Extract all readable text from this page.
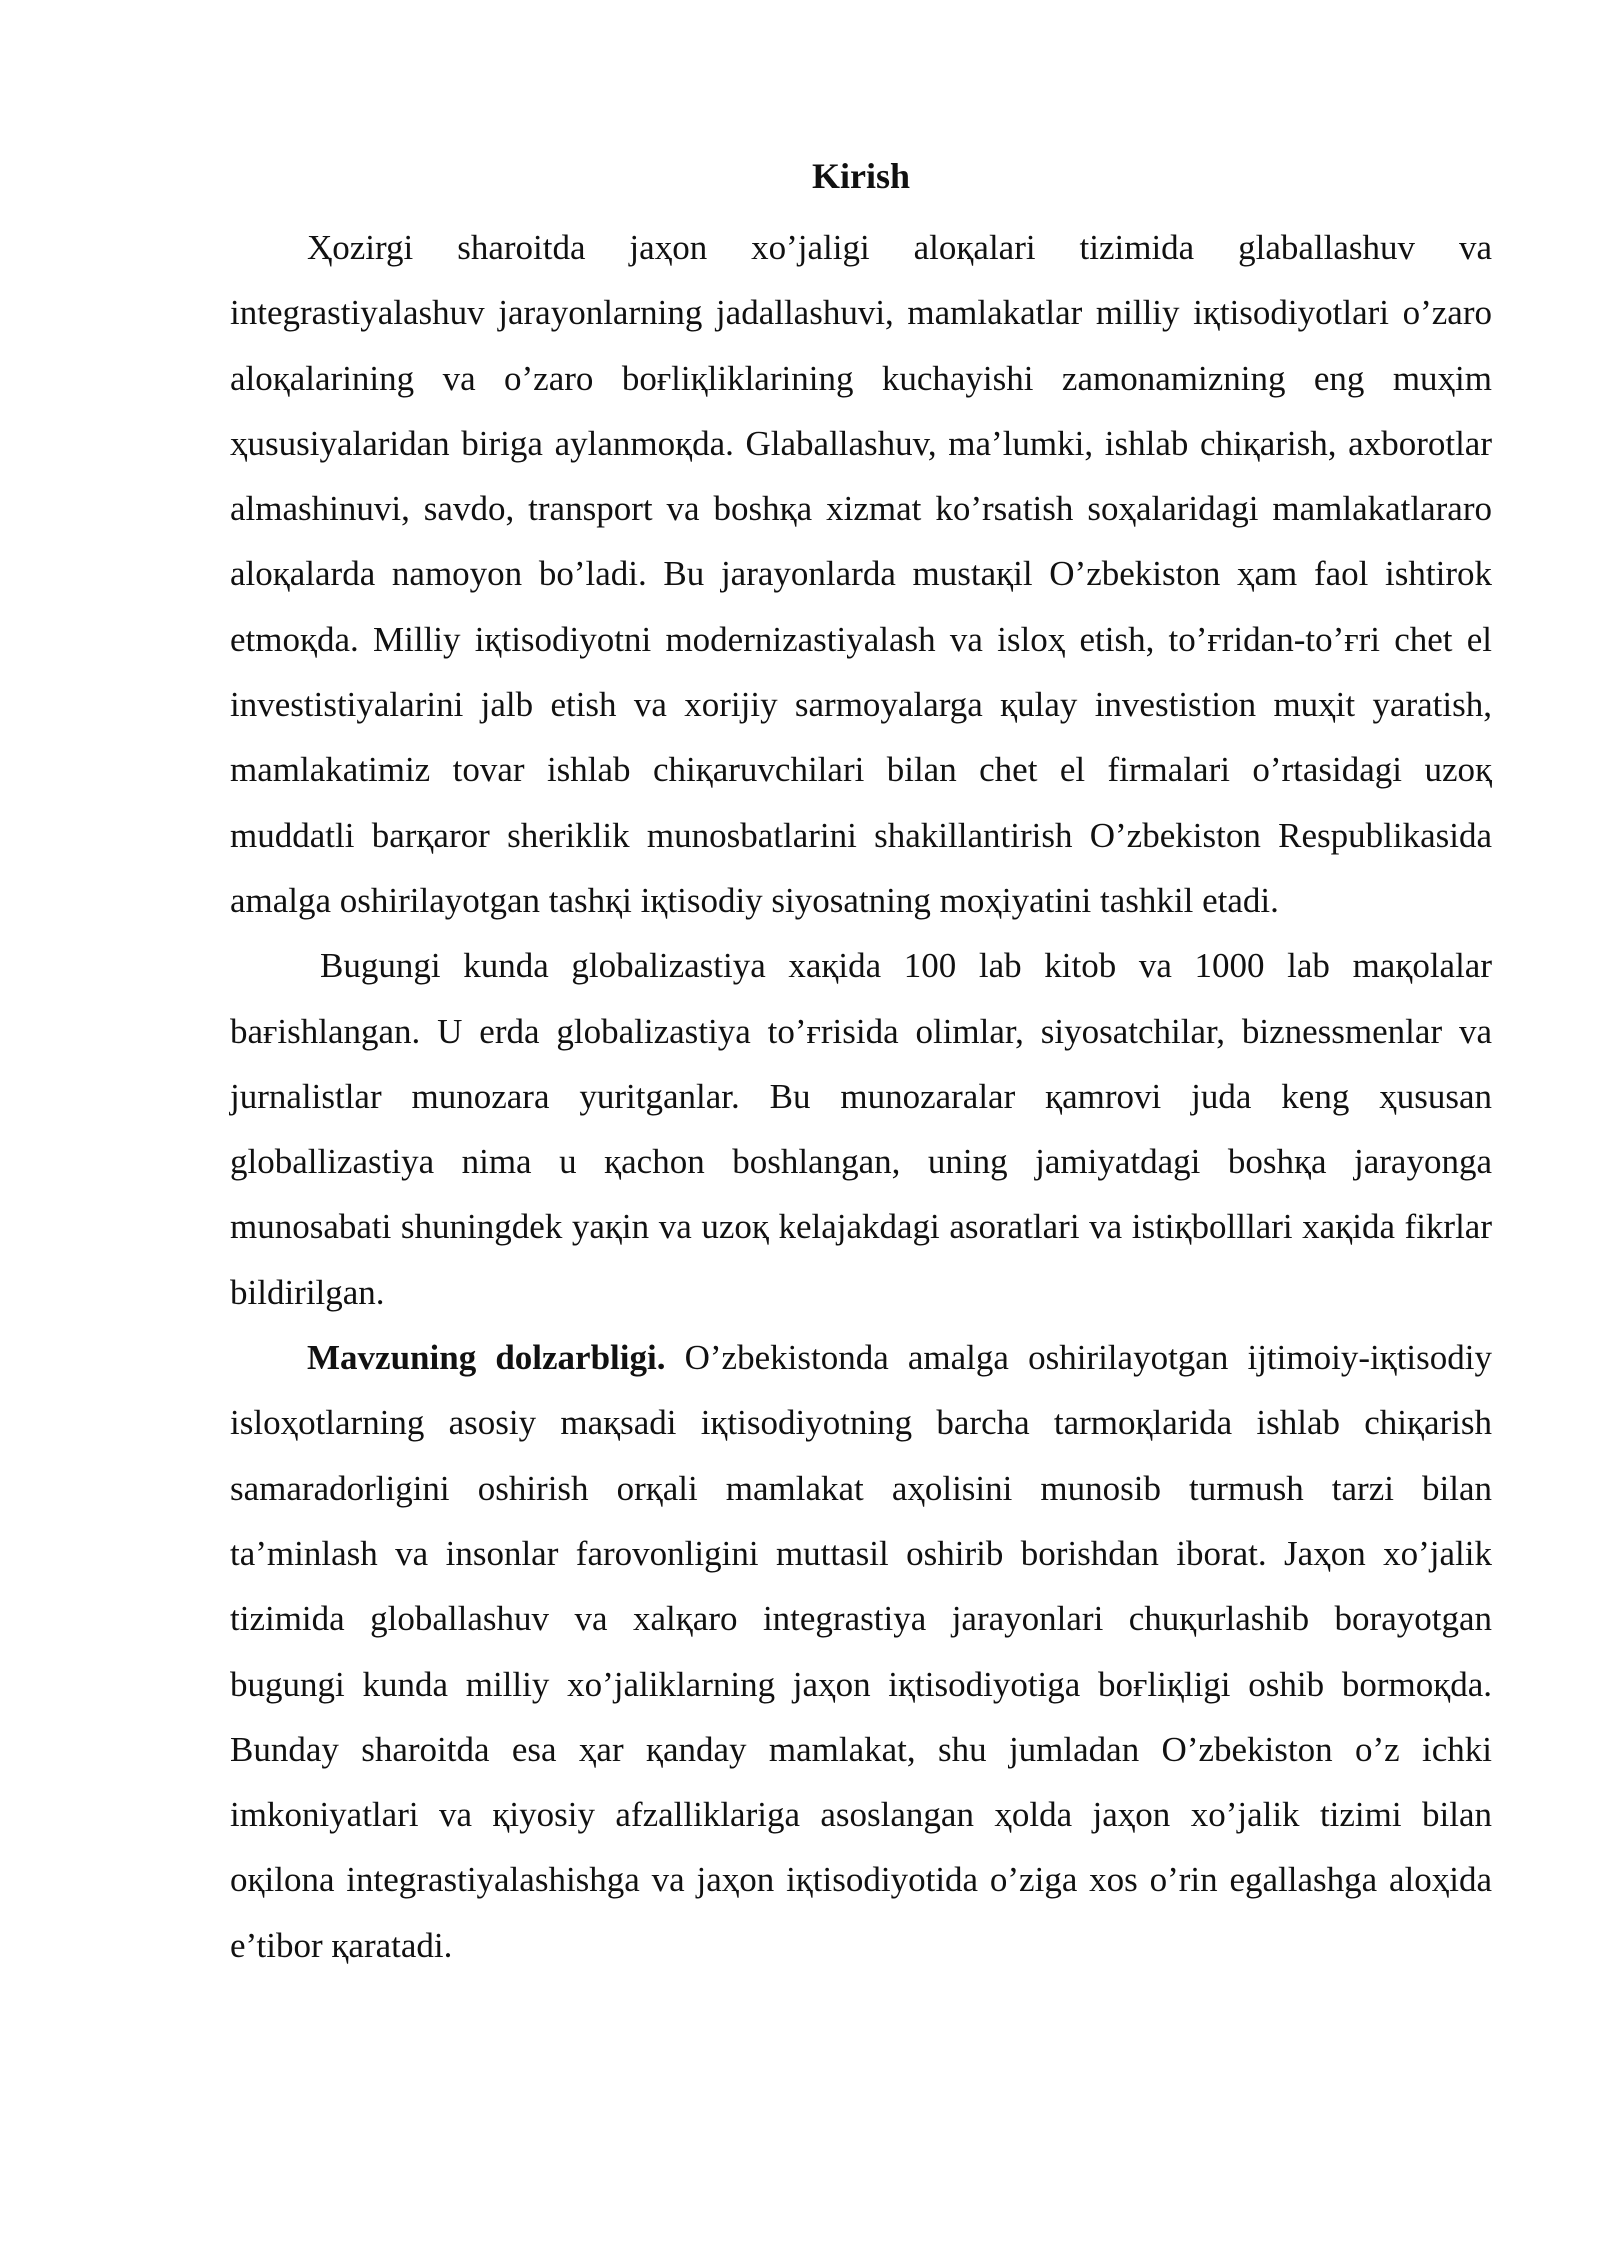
Kirish

Ҳozirgi sharoitda jaҳon xo’jaligi aloқalari tizimida glaballashuv va integrastiyalashuv jarayonlarning jadallashuvi, mamlakatlar milliy iқtisodiyotlari o’zaro aloқalarining va o’zaro boғliқliklarining kuchayishi zamonamizning eng muҳim ҳususiyalaridan biriga aylanmoқda. Glaballashuv, ma’lumki, ishlab chiқarish, axborotlar almashinuvi, savdo, transport va boshқa xizmat ko’rsatish soҳalaridagi mamlakatlararo aloқalarda namoyon bo’ladi. Bu jarayonlarda mustaқil O’zbekiston ҳam faol ishtirok etmoқda. Milliy iқtisodiyotni modernizastiyalash va isloҳ etish, to’ғridan-to’ғri chet el investistiyalarini jalb etish va xorijiy sarmoyalarga қulay investistion muҳit yaratish, mamlakatimiz tovar ishlab chiқaruvchilari bilan chet el firmalari o’rtasidagi uzoқ muddatli barқaror sheriklik munosbatlarini shakillantirish O’zbekiston Respublikasida amalga oshirilayotgan tashқi iқtisodiy siyosatning moҳiyatini tashkil etadi.

Bugungi kunda globalizastiya xaқida 100 lab kitob va 1000 lab maқolalar baғishlangan. U erda globalizastiya to’ғrisida olimlar, siyosatchilar, biznessmenlar va jurnalistlar munozara yuritganlar. Bu munozaralar қamrovi juda keng ҳususan globallizastiya nima u қachon boshlangan, uning jamiyatdagi boshқa jarayonga munosabati shuningdek yaқin va uzoқ kelajakdagi asoratlari va istiқbolllari xaқida fikrlar bildirilgan.

Mavzuning dolzarbligi. O’zbekistonda amalga oshirilayotgan ijtimoiy-iқtisodiy isloҳotlarning asosiy maқsadi iқtisodiyotning barcha tarmoқlarida ishlab chiқarish samaradorligini oshirish orқali mamlakat aҳolisini munosib turmush tarzi bilan ta’minlash va insonlar farovonligini muttasil oshirib borishdan iborat. Jaҳon xo’jalik tizimida globallashuv va xalқaro integrastiya jarayonlari chuқurlashib borayotgan bugungi kunda milliy xo’jaliklarning jaҳon iқtisodiyotiga boғliқligi oshib bormoқda. Bunday sharoitda esa ҳar қanday mamlakat, shu jumladan O’zbekiston o’z ichki imkoniyatlari va қiyosiy afzalliklariga asoslangan ҳolda jaҳon xo’jalik tizimi bilan oқilona integrastiyalashishga va jaҳon iқtisodiyotida o’ziga xos o’rin egallashga aloҳida e’tibor қaratadi.
